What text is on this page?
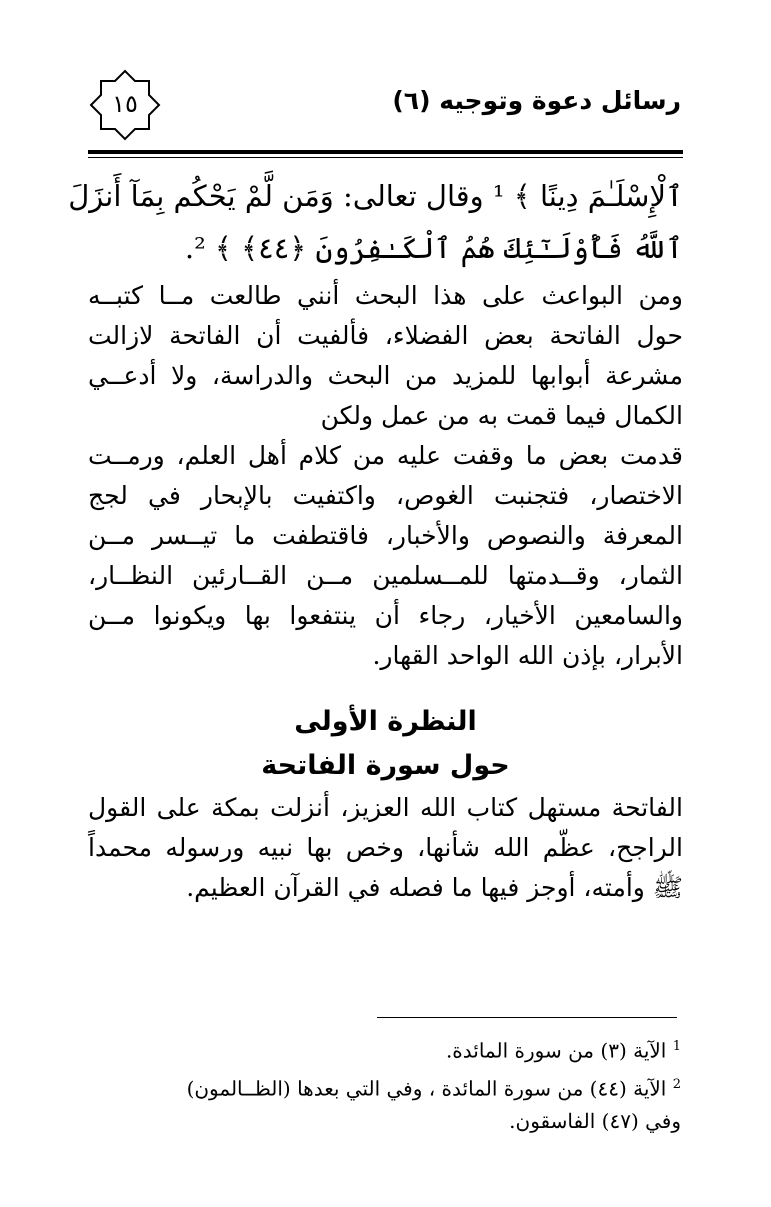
١٥	رسائل دعوة وتوجيه (٦)
ٱلْإِسْلَـٰمَ دِينًا ﴾ ¹ وقال تعالى: وَمَن لَّمْ يَحْكُم بِمَآ أَنزَلَ
ٱللَّهُ فَأُوْلَـٰٓئِكَ هُمُ ٱلْكَـٰفِرُونَ ﴿٤٤﴾ ﴾ ².
ومن البواعث على هذا البحث أنني طالعت مــا كتبــه
حول الفاتحة بعض الفضلاء، فألفيت أن الفاتحة لازالت
مشرعة أبوابها للمزيد من البحث والدراسة، ولا أدعــي
الكمال فيما قمت به من عمل ولكن
قدمت بعض ما وقفت عليه من كلام أهل العلم، ورمــت
الاختصار، فتجنبت الغوص، واكتفيت بالإبحار في لجج
المعرفة والنصوص والأخبار، فاقتطفت ما تيــسر مــن
الثمار، وقــدمتها للمــسلمين مــن القــارئين النظــار،
والسامعين الأخيار، رجاء أن ينتفعوا بها ويكونوا مــن
الأبرار، بإذن الله الواحد القهار.
النظرة الأولى
حول سورة الفاتحة
الفاتحة مستهل كتاب الله العزيز، أنزلت بمكة على القول
الراجح، عظّم الله شأنها، وخص بها نبيه ورسوله محمداً
ﷺ وأمته، أوجز فيها ما فصله في القرآن العظيم.
$^1$ الآية (٣) من سورة المائدة.
$^2$ الآية (٤٤) من سورة المائدة ، وفي التي بعدها (الظــالمون)
وفي (٤٧) الفاسقون.
